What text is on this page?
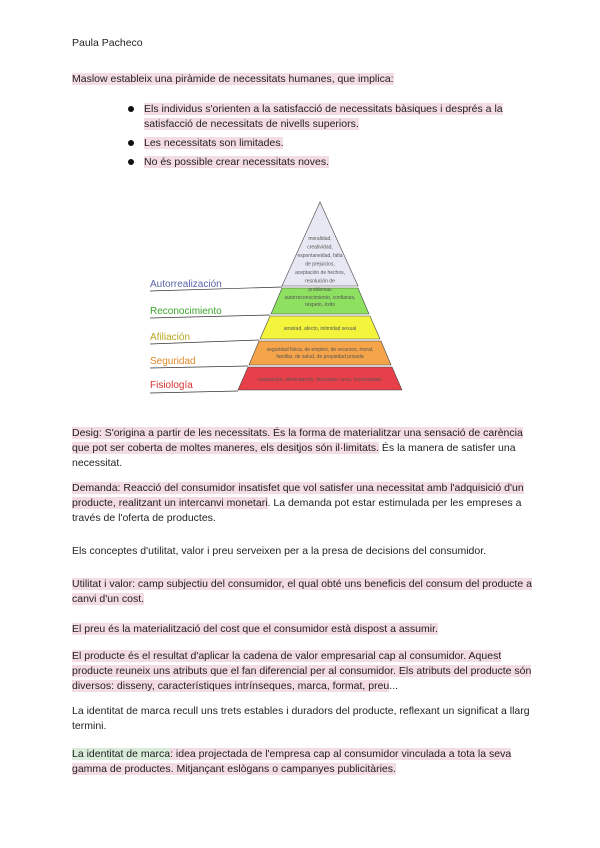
Paula Pacheco
Maslow estableix una piràmide de necessitats humanes, que implica:
Els individus s'orienten a la satisfacció de necessitats bàsiques i després a la satisfacció de necessitats de nivells superiors.
Les necessitats son limitades.
No és possible crear necessitats noves.
Autorrealización
Reconocimiento
Afiliación
Seguridad
Fisiología
moralidad,
creatividad,
espontaneidad, falta
de prejuicios,
aceptación de hechos,
resolución de
problemas
autorreconocimiento, confianza,
respeto, éxito
amistad, afecto, intimidad sexual
seguridad física, de empleo, de recursos, moral,
familiar, de salud, de propiedad privada
respiración, alimentación, descanso, sexo, homeostasis
Desig: S'origina a partir de les necessitats. És la forma de materialitzar una sensació de carència que pot ser coberta de moltes maneres, els desitjos són il·limitats. És la manera de satisfer una necessitat.
Demanda: Reacció del consumidor insatisfet que vol satisfer una necessitat amb l'adquisició d'un producte, realitzant un intercanvi monetari. La demanda pot estar estimulada per les empreses a través de l'oferta de productes.
Els conceptes d'utilitat, valor i preu serveixen per a la presa de decisions del consumidor.
Utilitat i valor: camp subjectiu del consumidor, el qual obté uns beneficis del consum del producte a canvi d'un cost.
El preu és la materialització del cost que el consumidor està dispost a assumir.
El producte és el resultat d'aplicar la cadena de valor empresarial cap al consumidor. Aquest producte reuneix uns atributs que el fan diferencial per al consumidor. Els atributs del producte són diversos: disseny, característiques intrínseques, marca, format, preu...
La identitat de marca recull uns trets estables i duradors del producte, reflexant un significat a llarg termini.
La identitat de marca: idea projectada de l'empresa cap al consumidor vinculada a tota la seva gamma de productes. Mitjançant eslògans o campanyes publicitàries.
